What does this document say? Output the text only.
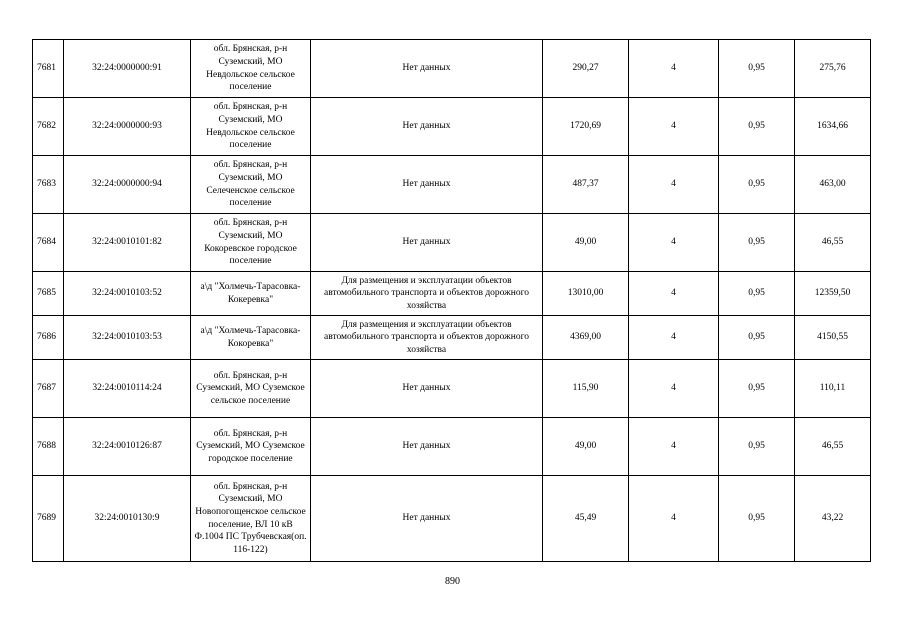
7681	32:24:0000000:91	обл. Брянская, р-н Суземский, МО Невдольское сельское поселение	Нет данных	290,27	4	0,95	275,76
7682	32:24:0000000:93	обл. Брянская, р-н Суземский, МО Невдольское сельское поселение	Нет данных	1720,69	4	0,95	1634,66
7683	32:24:0000000:94	обл. Брянская, р-н Суземский, МО Селеченское сельское поселение	Нет данных	487,37	4	0,95	463,00
7684	32:24:0010101:82	обл. Брянская, р-н Суземский, МО Кокоревское городское поселение	Нет данных	49,00	4	0,95	46,55
7685	32:24:0010103:52	а\д "Холмечь-Тарасовка-Кокеревка"	Для размещения и эксплуатации объектов автомобильного транспорта и объектов дорожного хозяйства	13010,00	4	0,95	12359,50
7686	32:24:0010103:53	а\д "Холмечь-Тарасовка-Кокоревка"	Для размещения и эксплуатации объектов автомобильного транспорта и объектов дорожного хозяйства	4369,00	4	0,95	4150,55
7687	32:24:0010114:24	обл. Брянская, р-н Суземский, МО Суземское сельское поселение	Нет данных	115,90	4	0,95	110,11
7688	32:24:0010126:87	обл. Брянская, р-н Суземский, МО Суземское городское поселение	Нет данных	49,00	4	0,95	46,55
7689	32:24:0010130:9	обл. Брянская, р-н Суземский, МО Новопогощенское сельское поселение, ВЛ 10 кВ Ф.1004 ПС Трубчевская(оп. 116-122)	Нет данных	45,49	4	0,95	43,22
890
